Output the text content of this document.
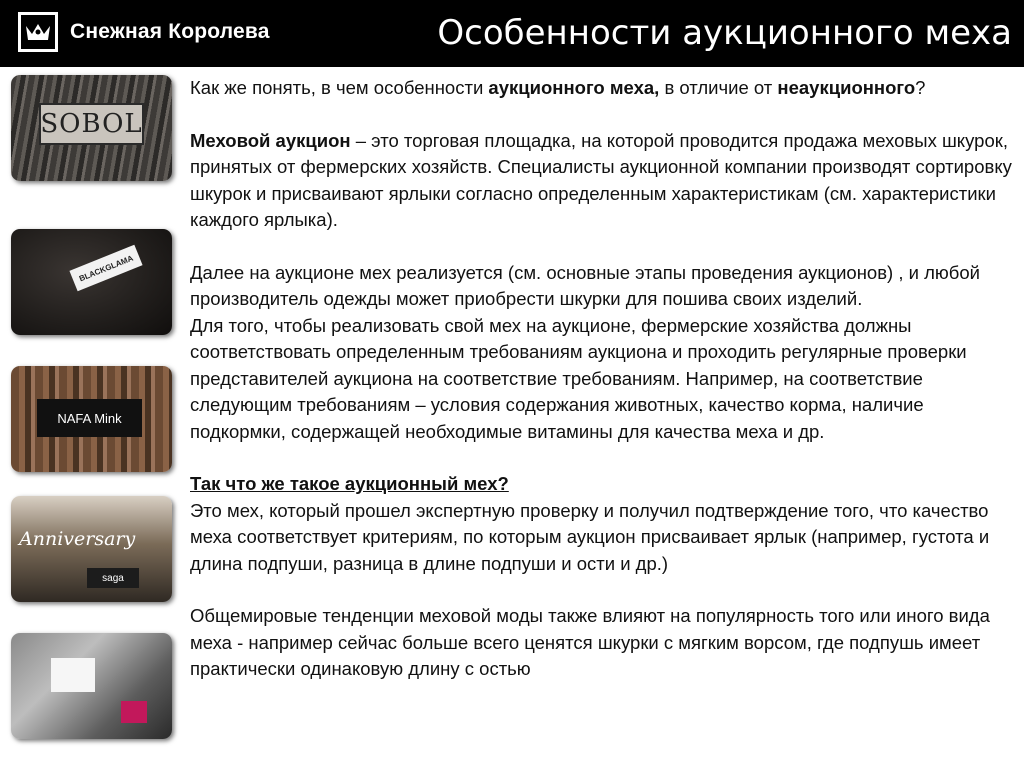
Снежная Королева	Особенности аукционного меха
SOBOL
BLACKGLAMA
NAFA Mink
Anniversary
saga

Как же понять, в чем особенности аукционного меха, в отличие от неаукционного?

Меховой аукцион – это торговая площадка, на которой проводится продажа меховых шкурок, принятых от фермерских хозяйств. Специалисты аукционной компании производят сортировку шкурок и присваивают ярлыки согласно определенным характеристикам (см. характеристики каждого ярлыка).

Далее на аукционе мех реализуется (см. основные этапы проведения аукционов) , и любой производитель одежды может приобрести шкурки для пошива своих изделий.

Для того, чтобы реализовать свой мех на аукционе, фермерские хозяйства должны соответствовать определенным требованиям аукциона и проходить регулярные проверки представителей аукциона на соответствие требованиям. Например, на соответствие следующим требованиям – условия содержания животных, качество корма, наличие подкормки, содержащей необходимые витамины для качества меха и др.

Так что же такое аукционный мех?

Это мех, который прошел экспертную проверку и получил подтверждение того, что качество меха соответствует критериям, по которым аукцион присваивает ярлык (например, густота и длина подпуши, разница в длине подпуши и ости и др.)

Общемировые тенденции меховой моды также влияют на популярность того или иного вида меха - например сейчас больше всего ценятся шкурки с мягким ворсом, где подпушь имеет практически одинаковую длину с остью
